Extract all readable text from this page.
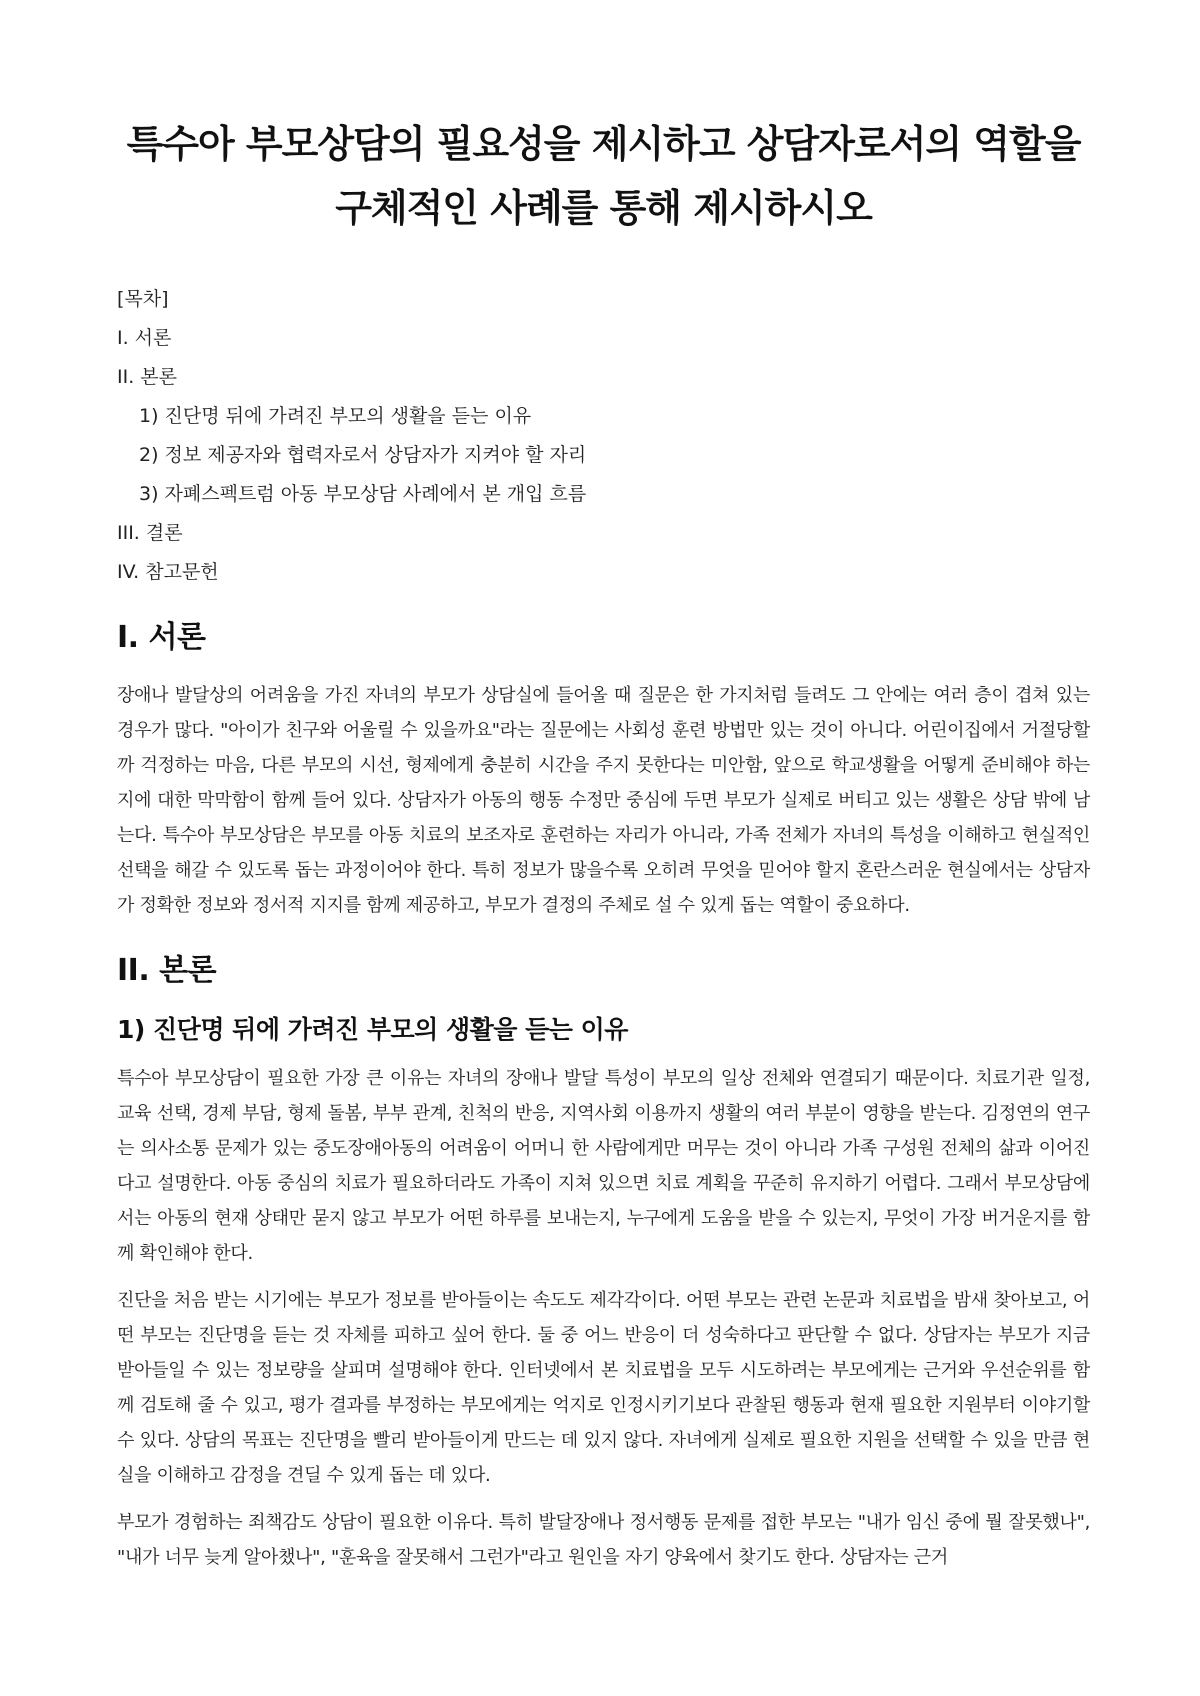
특수아 부모상담의 필요성을 제시하고 상담자로서의 역할을 구체적인 사례를 통해 제시하시오

[목차]

I. 서론

II. 본론

1) 진단명 뒤에 가려진 부모의 생활을 듣는 이유

2) 정보 제공자와 협력자로서 상담자가 지켜야 할 자리

3) 자폐스펙트럼 아동 부모상담 사례에서 본 개입 흐름

III. 결론

IV. 참고문헌

I. 서론

장애나 발달상의 어려움을 가진 자녀의 부모가 상담실에 들어올 때 질문은 한 가지처럼 들려도 그 안에는 여러 층이 겹쳐 있는 경우가 많다. "아이가 친구와 어울릴 수 있을까요"라는 질문에는 사회성 훈련 방법만 있는 것이 아니다. 어린이집에서 거절당할까 걱정하는 마음, 다른 부모의 시선, 형제에게 충분히 시간을 주지 못한다는 미안함, 앞으로 학교생활을 어떻게 준비해야 하는지에 대한 막막함이 함께 들어 있다. 상담자가 아동의 행동 수정만 중심에 두면 부모가 실제로 버티고 있는 생활은 상담 밖에 남는다. 특수아 부모상담은 부모를 아동 치료의 보조자로 훈련하는 자리가 아니라, 가족 전체가 자녀의 특성을 이해하고 현실적인 선택을 해갈 수 있도록 돕는 과정이어야 한다. 특히 정보가 많을수록 오히려 무엇을 믿어야 할지 혼란스러운 현실에서는 상담자가 정확한 정보와 정서적 지지를 함께 제공하고, 부모가 결정의 주체로 설 수 있게 돕는 역할이 중요하다.

II. 본론
1) 진단명 뒤에 가려진 부모의 생활을 듣는 이유

특수아 부모상담이 필요한 가장 큰 이유는 자녀의 장애나 발달 특성이 부모의 일상 전체와 연결되기 때문이다. 치료기관 일정, 교육 선택, 경제 부담, 형제 돌봄, 부부 관계, 친척의 반응, 지역사회 이용까지 생활의 여러 부분이 영향을 받는다. 김정연의 연구는 의사소통 문제가 있는 중도장애아동의 어려움이 어머니 한 사람에게만 머무는 것이 아니라 가족 구성원 전체의 삶과 이어진다고 설명한다. 아동 중심의 치료가 필요하더라도 가족이 지쳐 있으면 치료 계획을 꾸준히 유지하기 어렵다. 그래서 부모상담에서는 아동의 현재 상태만 묻지 않고 부모가 어떤 하루를 보내는지, 누구에게 도움을 받을 수 있는지, 무엇이 가장 버거운지를 함께 확인해야 한다.

진단을 처음 받는 시기에는 부모가 정보를 받아들이는 속도도 제각각이다. 어떤 부모는 관련 논문과 치료법을 밤새 찾아보고, 어떤 부모는 진단명을 듣는 것 자체를 피하고 싶어 한다. 둘 중 어느 반응이 더 성숙하다고 판단할 수 없다. 상담자는 부모가 지금 받아들일 수 있는 정보량을 살피며 설명해야 한다. 인터넷에서 본 치료법을 모두 시도하려는 부모에게는 근거와 우선순위를 함께 검토해 줄 수 있고, 평가 결과를 부정하는 부모에게는 억지로 인정시키기보다 관찰된 행동과 현재 필요한 지원부터 이야기할 수 있다. 상담의 목표는 진단명을 빨리 받아들이게 만드는 데 있지 않다. 자녀에게 실제로 필요한 지원을 선택할 수 있을 만큼 현실을 이해하고 감정을 견딜 수 있게 돕는 데 있다.

부모가 경험하는 죄책감도 상담이 필요한 이유다. 특히 발달장애나 정서행동 문제를 접한 부모는 "내가 임신 중에 뭘 잘못했나", "내가 너무 늦게 알아챘나", "훈육을 잘못해서 그런가"라고 원인을 자기 양육에서 찾기도 한다. 상담자는 근거
